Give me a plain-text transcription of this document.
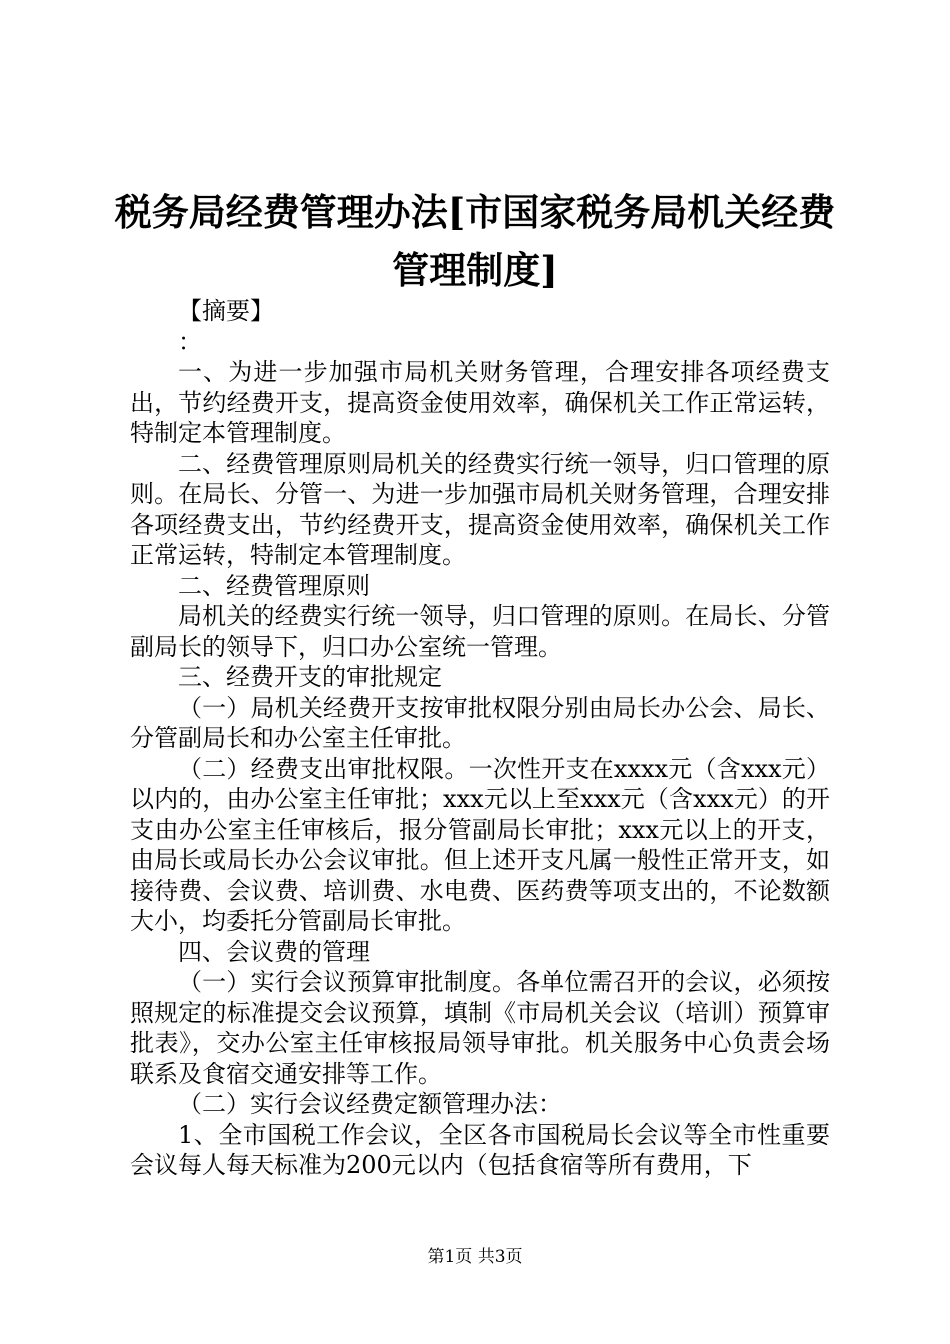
税务局经费管理办法[市国家税务局机关经费管理制度]

【摘要】

：

一、为进一步加强市局机关财务管理，合理安排各项经费支出，节约经费开支，提高资金使用效率，确保机关工作正常运转，特制定本管理制度。

二、经费管理原则局机关的经费实行统一领导，归口管理的原则。在局长、分管一、为进一步加强市局机关财务管理，合理安排各项经费支出，节约经费开支，提高资金使用效率，确保机关工作正常运转，特制定本管理制度。

二、经费管理原则

局机关的经费实行统一领导，归口管理的原则。在局长、分管副局长的领导下，归口办公室统一管理。

三、经费开支的审批规定

（一）局机关经费开支按审批权限分别由局长办公会、局长、分管副局长和办公室主任审批。

（二）经费支出审批权限。一次性开支在xxxx元（含xxx元）以内的，由办公室主任审批；xxx元以上至xxx元（含xxx元）的开支由办公室主任审核后，报分管副局长审批；xxx元以上的开支，由局长或局长办公会议审批。但上述开支凡属一般性正常开支，如接待费、会议费、培训费、水电费、医药费等项支出的，不论数额大小，均委托分管副局长审批。

四、会议费的管理

（一）实行会议预算审批制度。各单位需召开的会议，必须按照规定的标准提交会议预算，填制《市局机关会议（培训）预算审批表》，交办公室主任审核报局领导审批。机关服务中心负责会场联系及食宿交通安排等工作。

（二）实行会议经费定额管理办法：

1、全市国税工作会议，全区各市国税局长会议等全市性重要会议每人每天标准为200元以内（包括食宿等所有费用，下

第1页 共3页
